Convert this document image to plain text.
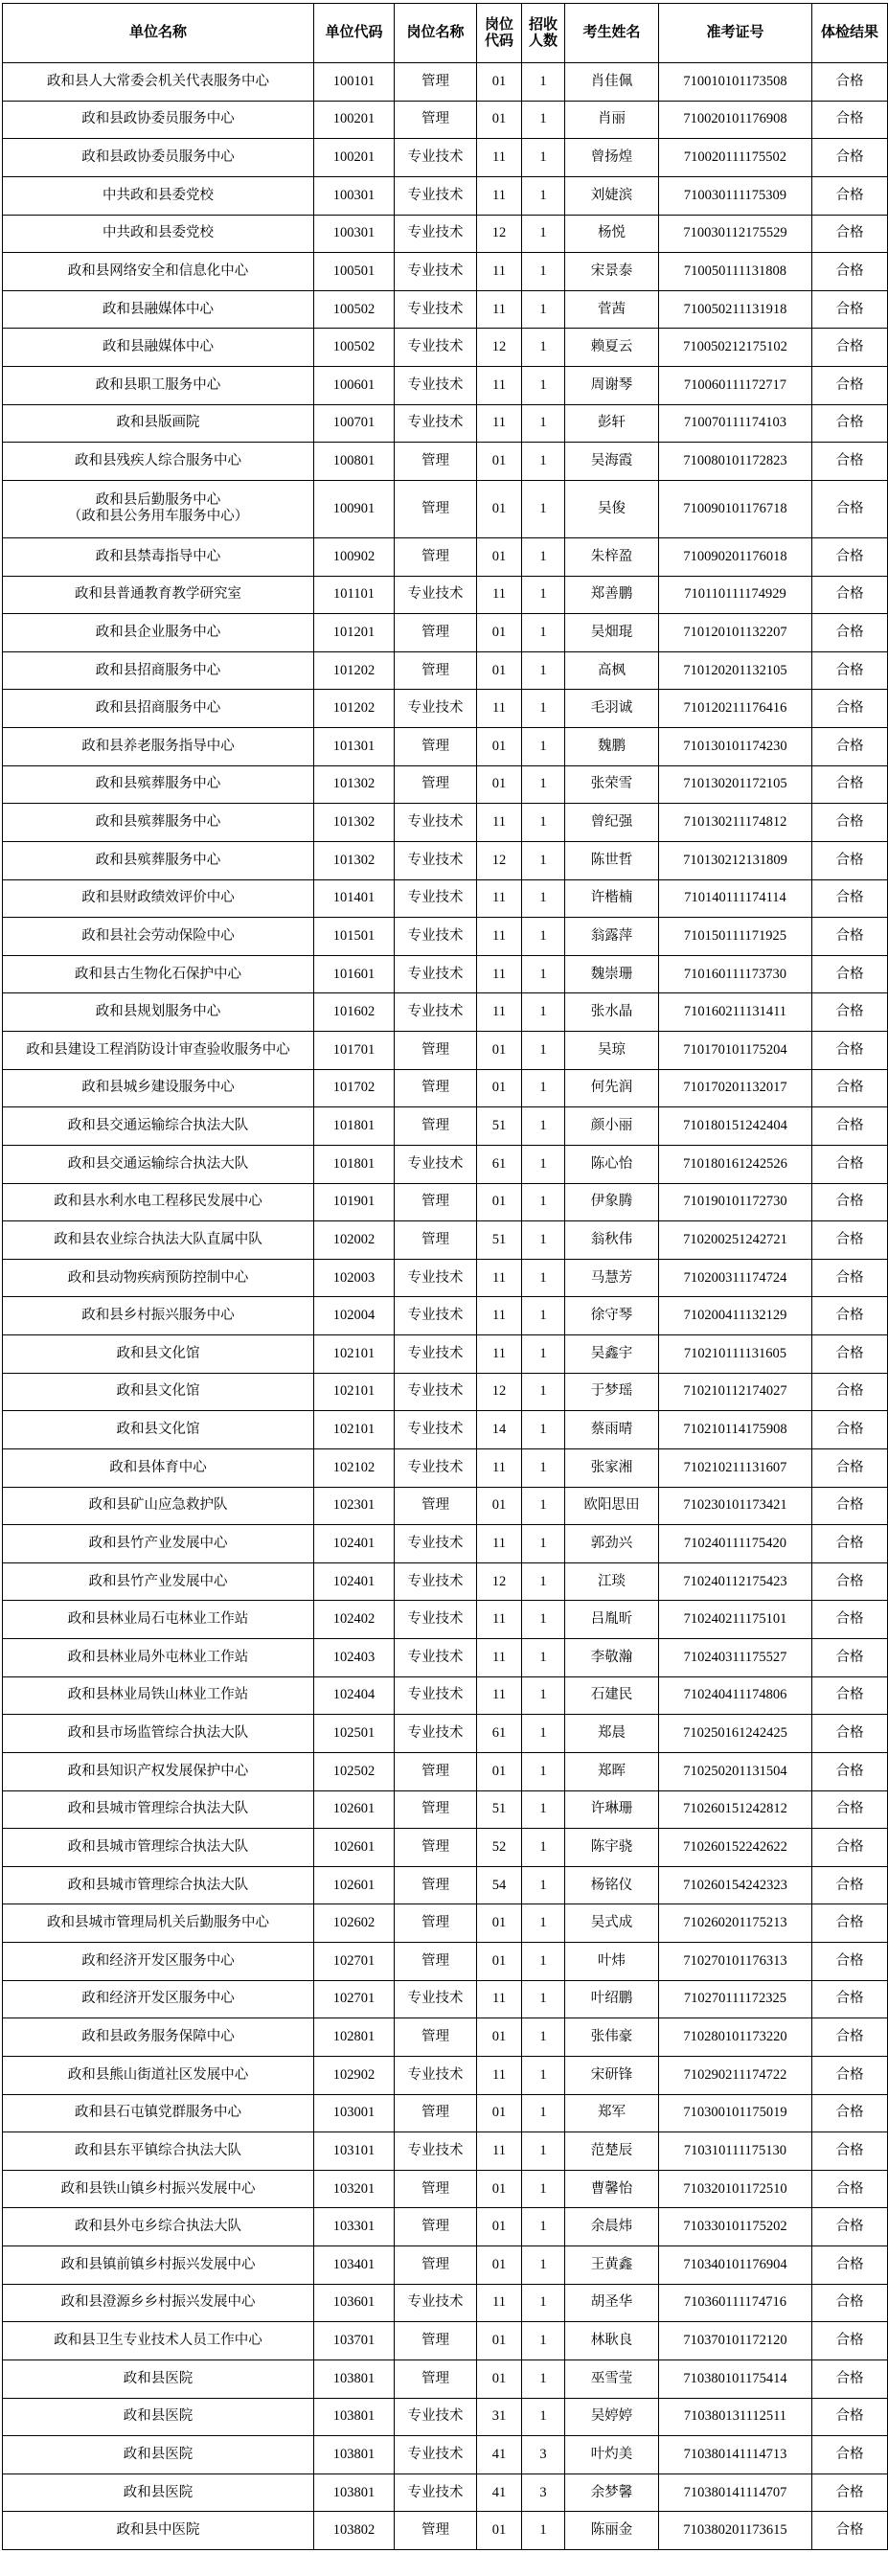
单位名称	单位代码	岗位名称	岗位代码	招收人数	考生姓名	准考证号	体检结果
政和县人大常委会机关代表服务中心	100101	管理	01	1	肖佳佩	710010101173508	合格
政和县政协委员服务中心	100201	管理	01	1	肖丽	710020101176908	合格
政和县政协委员服务中心	100201	专业技术	11	1	曾扬煌	710020111175502	合格
中共政和县委党校	100301	专业技术	11	1	刘婕滨	710030111175309	合格
中共政和县委党校	100301	专业技术	12	1	杨悦	710030112175529	合格
政和县网络安全和信息化中心	100501	专业技术	11	1	宋景泰	710050111131808	合格
政和县融媒体中心	100502	专业技术	11	1	菅茜	710050211131918	合格
政和县融媒体中心	100502	专业技术	12	1	赖夏云	710050212175102	合格
政和县职工服务中心	100601	专业技术	11	1	周谢琴	710060111172717	合格
政和县版画院	100701	专业技术	11	1	彭轩	710070111174103	合格
政和县残疾人综合服务中心	100801	管理	01	1	吴海霞	710080101172823	合格
政和县后勤服务中心
（政和县公务用车服务中心）	100901	管理	01	1	吴俊	710090101176718	合格
政和县禁毒指导中心	100902	管理	01	1	朱梓盈	710090201176018	合格
政和县普通教育教学研究室	101101	专业技术	11	1	郑善鹏	710110111174929	合格
政和县企业服务中心	101201	管理	01	1	吴畑琨	710120101132207	合格
政和县招商服务中心	101202	管理	01	1	高枫	710120201132105	合格
政和县招商服务中心	101202	专业技术	11	1	毛羽诚	710120211176416	合格
政和县养老服务指导中心	101301	管理	01	1	魏鹏	710130101174230	合格
政和县殡葬服务中心	101302	管理	01	1	张荣雪	710130201172105	合格
政和县殡葬服务中心	101302	专业技术	11	1	曾纪强	710130211174812	合格
政和县殡葬服务中心	101302	专业技术	12	1	陈世哲	710130212131809	合格
政和县财政绩效评价中心	101401	专业技术	11	1	许楷楠	710140111174114	合格
政和县社会劳动保险中心	101501	专业技术	11	1	翁露萍	710150111171925	合格
政和县古生物化石保护中心	101601	专业技术	11	1	魏崇珊	710160111173730	合格
政和县规划服务中心	101602	专业技术	11	1	张水晶	710160211131411	合格
政和县建设工程消防设计审查验收服务中心	101701	管理	01	1	吴琼	710170101175204	合格
政和县城乡建设服务中心	101702	管理	01	1	何先润	710170201132017	合格
政和县交通运输综合执法大队	101801	管理	51	1	颜小丽	710180151242404	合格
政和县交通运输综合执法大队	101801	专业技术	61	1	陈心怡	710180161242526	合格
政和县水利水电工程移民发展中心	101901	管理	01	1	伊象腾	710190101172730	合格
政和县农业综合执法大队直属中队	102002	管理	51	1	翁秋伟	710200251242721	合格
政和县动物疾病预防控制中心	102003	专业技术	11	1	马慧芳	710200311174724	合格
政和县乡村振兴服务中心	102004	专业技术	11	1	徐守琴	710200411132129	合格
政和县文化馆	102101	专业技术	11	1	吴鑫宇	710210111131605	合格
政和县文化馆	102101	专业技术	12	1	于梦瑶	710210112174027	合格
政和县文化馆	102101	专业技术	14	1	蔡雨晴	710210114175908	合格
政和县体育中心	102102	专业技术	11	1	张家湘	710210211131607	合格
政和县矿山应急救护队	102301	管理	01	1	欧阳思田	710230101173421	合格
政和县竹产业发展中心	102401	专业技术	11	1	郭劲兴	710240111175420	合格
政和县竹产业发展中心	102401	专业技术	12	1	江琰	710240112175423	合格
政和县林业局石屯林业工作站	102402	专业技术	11	1	吕胤昕	710240211175101	合格
政和县林业局外屯林业工作站	102403	专业技术	11	1	李敬瀚	710240311175527	合格
政和县林业局铁山林业工作站	102404	专业技术	11	1	石建民	710240411174806	合格
政和县市场监管综合执法大队	102501	专业技术	61	1	郑晨	710250161242425	合格
政和县知识产权发展保护中心	102502	管理	01	1	郑晖	710250201131504	合格
政和县城市管理综合执法大队	102601	管理	51	1	许琳珊	710260151242812	合格
政和县城市管理综合执法大队	102601	管理	52	1	陈宇骁	710260152242622	合格
政和县城市管理综合执法大队	102601	管理	54	1	杨铭仪	710260154242323	合格
政和县城市管理局机关后勤服务中心	102602	管理	01	1	吴式成	710260201175213	合格
政和经济开发区服务中心	102701	管理	01	1	叶炜	710270101176313	合格
政和经济开发区服务中心	102701	专业技术	11	1	叶绍鹏	710270111172325	合格
政和县政务服务保障中心	102801	管理	01	1	张伟豪	710280101173220	合格
政和县熊山街道社区发展中心	102902	专业技术	11	1	宋研锋	710290211174722	合格
政和县石屯镇党群服务中心	103001	管理	01	1	郑军	710300101175019	合格
政和县东平镇综合执法大队	103101	专业技术	11	1	范楚辰	710310111175130	合格
政和县铁山镇乡村振兴发展中心	103201	管理	01	1	曹馨怡	710320101172510	合格
政和县外屯乡综合执法大队	103301	管理	01	1	余晨炜	710330101175202	合格
政和县镇前镇乡村振兴发展中心	103401	管理	01	1	王黄鑫	710340101176904	合格
政和县澄源乡乡村振兴发展中心	103601	专业技术	11	1	胡圣华	710360111174716	合格
政和县卫生专业技术人员工作中心	103701	管理	01	1	林耿良	710370101172120	合格
政和县医院	103801	管理	01	1	巫雪莹	710380101175414	合格
政和县医院	103801	专业技术	31	1	吴婷婷	710380131112511	合格
政和县医院	103801	专业技术	41	3	叶灼美	710380141114713	合格
政和县医院	103801	专业技术	41	3	余梦馨	710380141114707	合格
政和县中医院	103802	管理	01	1	陈丽金	710380201173615	合格
